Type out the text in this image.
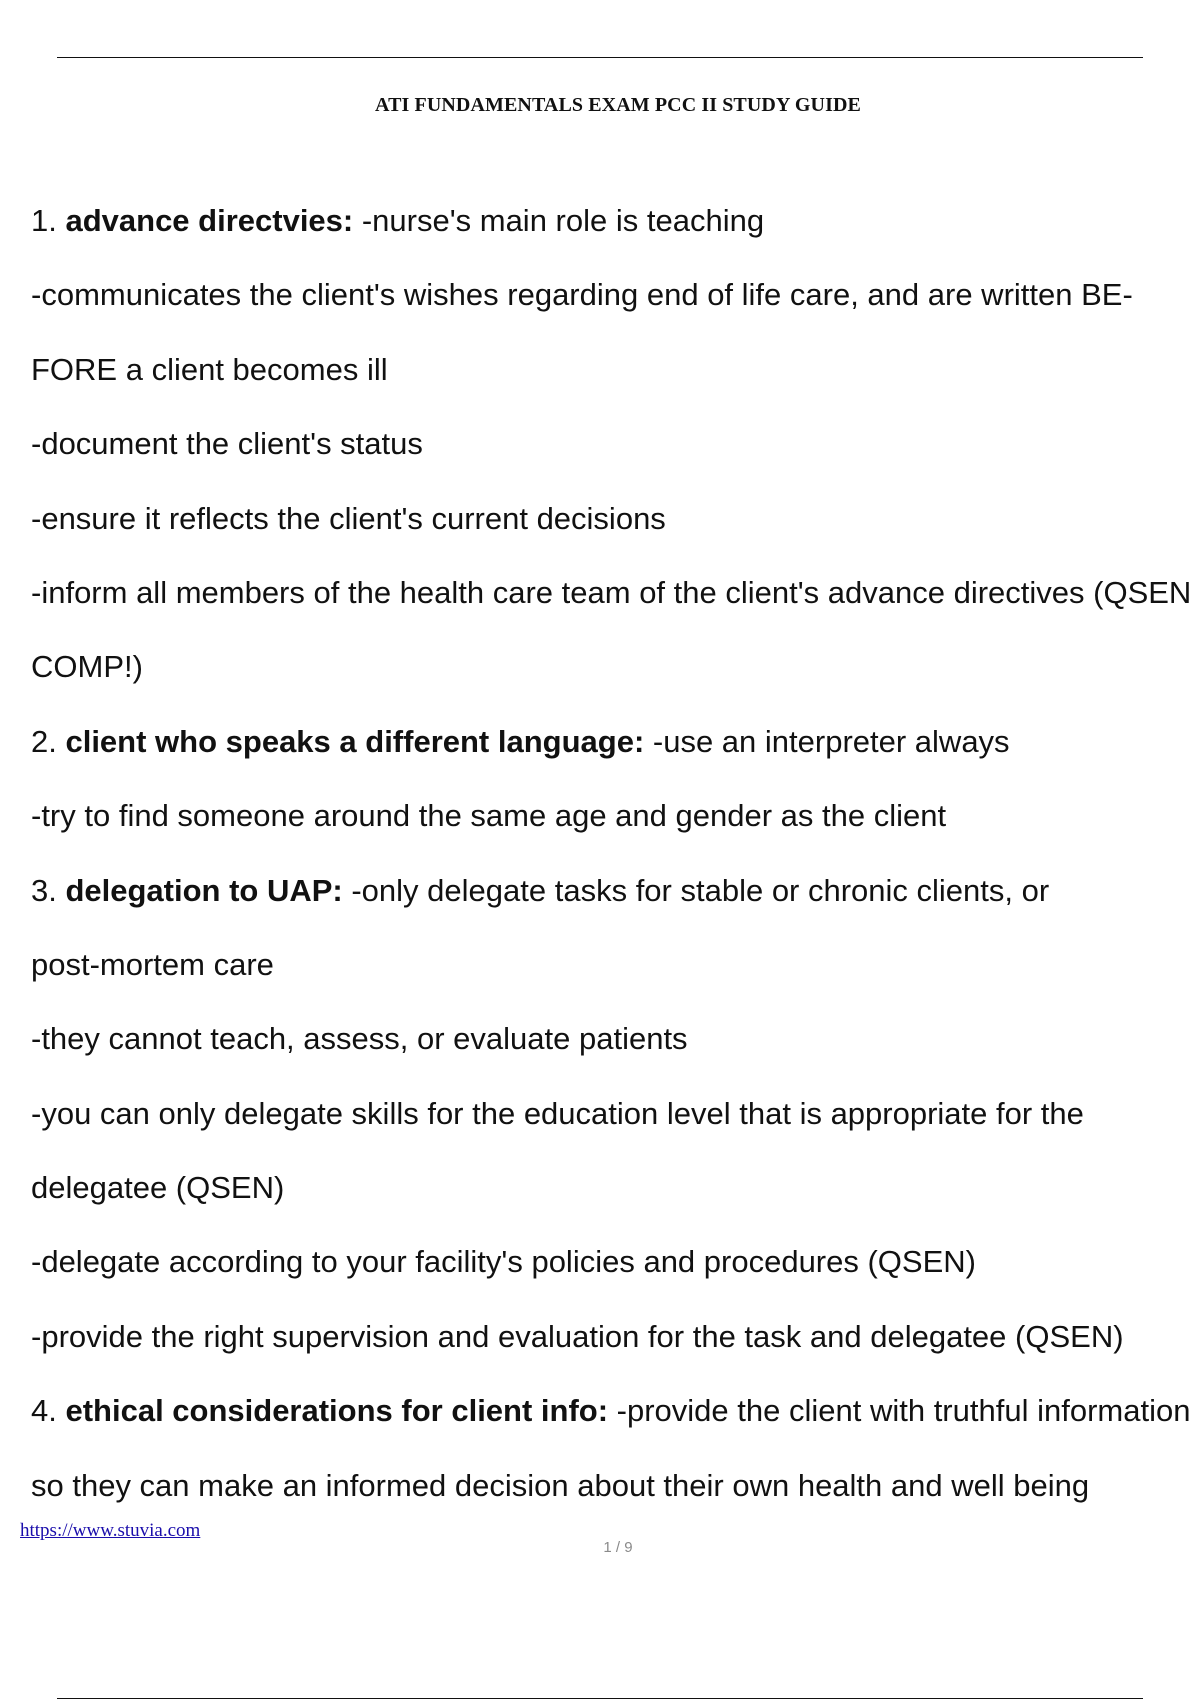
ATI FUNDAMENTALS EXAM PCC II STUDY GUIDE
1. advance directvies: -nurse's main role is teaching
-communicates the client's wishes regarding end of life care, and are written BE-
FORE a client becomes ill
-document the client's status
-ensure it reflects the client's current decisions
-inform all members of the health care team of the client's advance directives (QSEN
COMP!)
2. client who speaks a different language: -use an interpreter always
-try to find someone around the same age and gender as the client
3. delegation to UAP: -only delegate tasks for stable or chronic clients, or
post-mortem care
-they cannot teach, assess, or evaluate patients
-you can only delegate skills for the education level that is appropriate for the
delegatee (QSEN)
-delegate according to your facility's policies and procedures (QSEN)
-provide the right supervision and evaluation for the task and delegatee (QSEN)
4. ethical considerations for client info: -provide the client with truthful information
so they can make an informed decision about their own health and well being
https://www.stuvia.com
1 / 9
